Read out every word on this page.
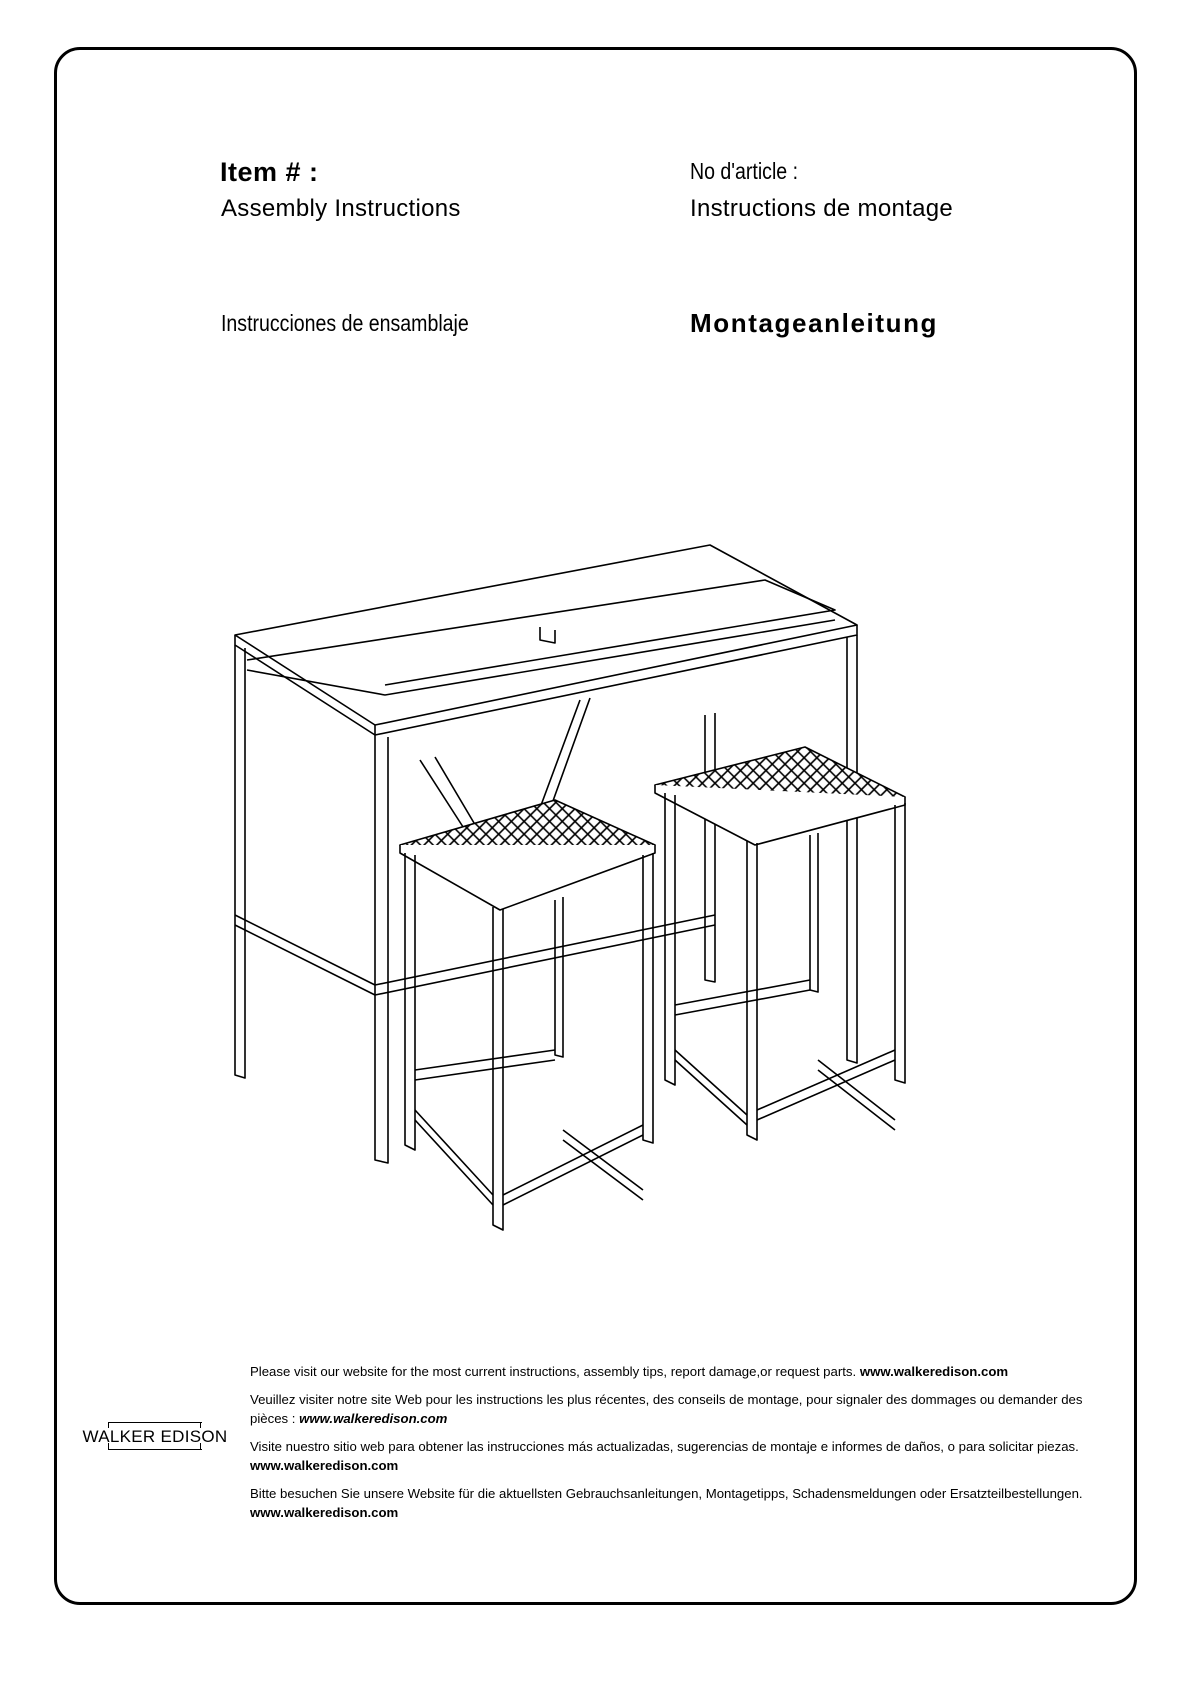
Item # :	No d'article :
Assembly Instructions	Instructions de montage
Instrucciones de ensamblaje	Montageanleitung

Please visit our website for the most current instructions, assembly tips, report damage,or request parts. www.walkeredison.com

Veuillez visiter notre site Web pour les instructions les plus récentes, des conseils de montage, pour signaler des dommages ou demander des pièces : www.walkeredison.com

Visite nuestro sitio web para obtener las instrucciones más actualizadas, sugerencias de montaje e informes de daños, o para solicitar piezas. www.walkeredison.com

Bitte besuchen Sie unsere Website für die aktuellsten Gebrauchsanleitungen, Montagetipps, Schadensmeldungen oder Ersatzteilbestellungen. www.walkeredison.com

WALKER EDISON
